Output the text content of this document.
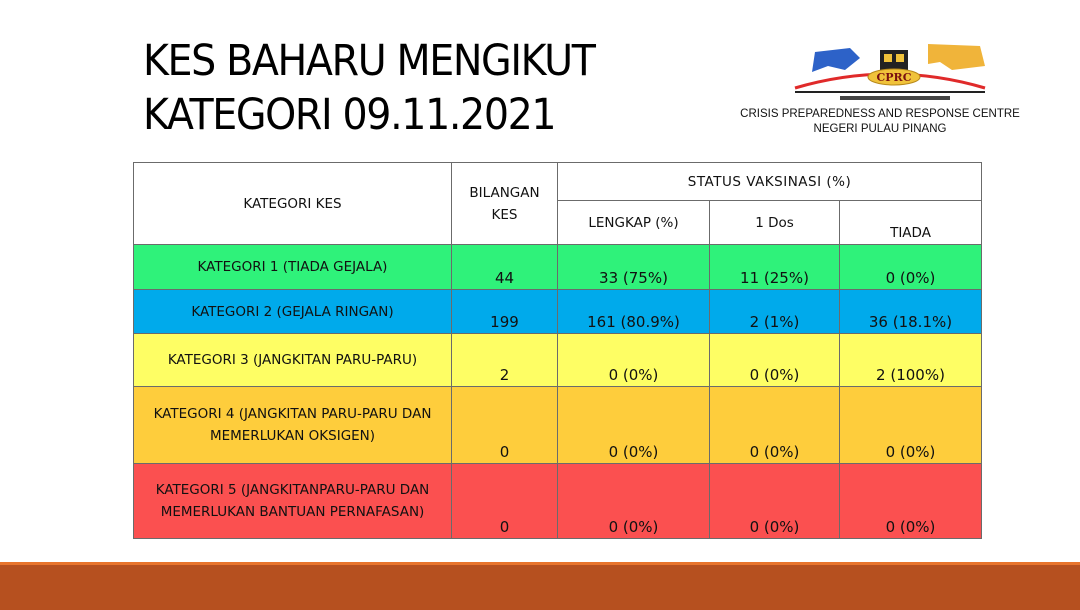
KES BAHARU MENGIKUT
KATEGORI 09.11.2021
CPRC
CRISIS PREPAREDNESS AND RESPONSE CENTRE
NEGERI PULAU PINANG
KATEGORI KES	BILANGAN KES	STATUS VAKSINASI (%)		
		LENGKAP (%)	1 Dos	TIADA
KATEGORI 1 (TIADA GEJALA)	44	33 (75%)	11 (25%)	0 (0%)
KATEGORI 2 (GEJALA RINGAN)	199	161 (80.9%)	2 (1%)	36 (18.1%)
KATEGORI 3 (JANGKITAN PARU-PARU)	2	0 (0%)	0 (0%)	2 (100%)
KATEGORI 4 (JANGKITAN PARU-PARU DAN MEMERLUKAN OKSIGEN)	0	0 (0%)	0 (0%)	0 (0%)
KATEGORI 5 (JANGKITANPARU-PARU DAN MEMERLUKAN BANTUAN PERNAFASAN)	0	0 (0%)	0 (0%)	0 (0%)
